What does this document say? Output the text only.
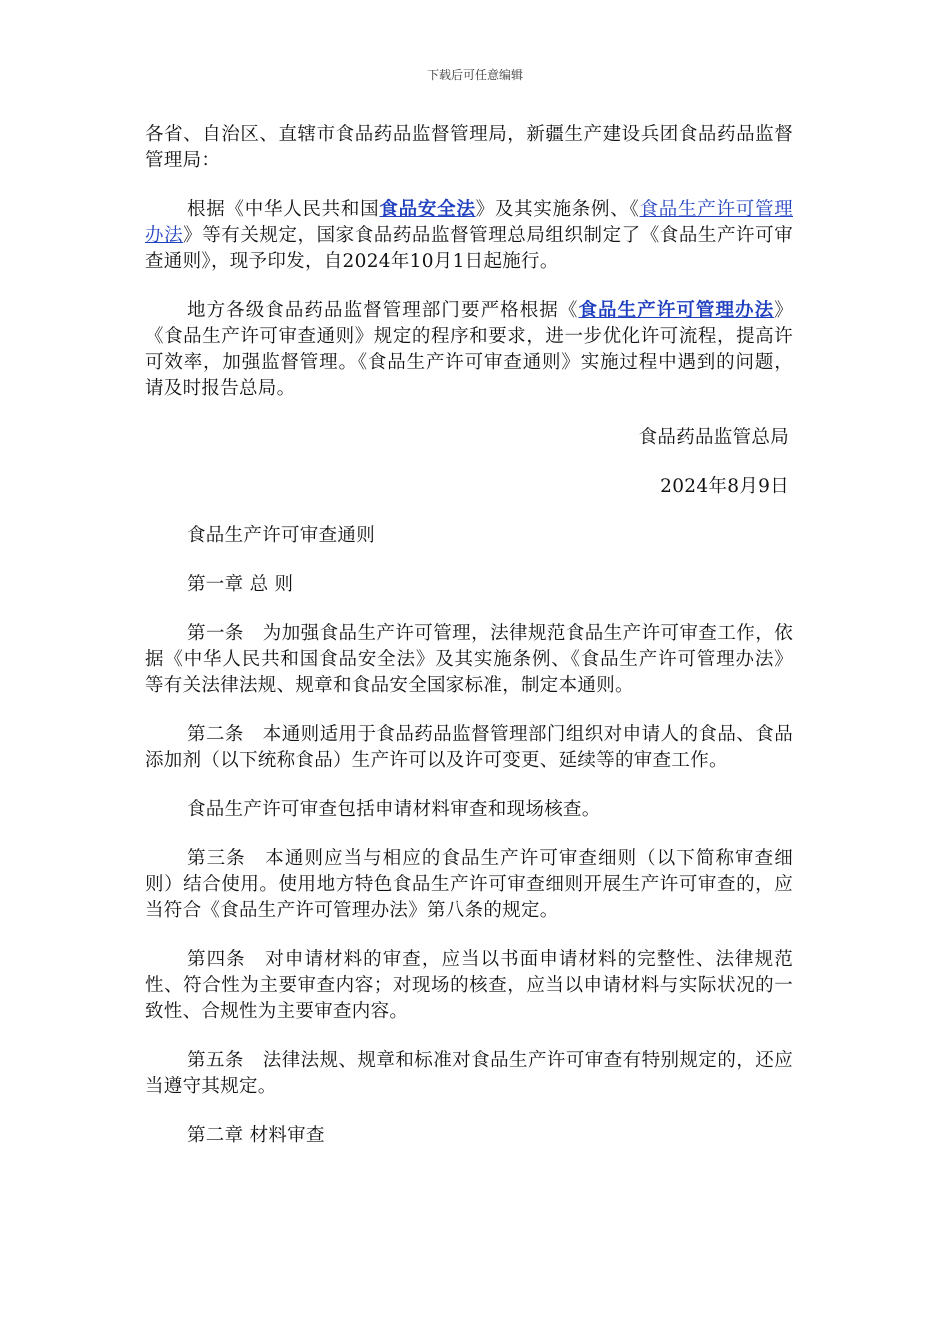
下载后可任意编辑

各省、自治区、直辖市食品药品监督管理局，新疆生产建设兵团食品药品监督管理局：

根据《中华人民共和国食品安全法》及其实施条例、《食品生产许可管理办法》等有关规定，国家食品药品监督管理总局组织制定了《食品生产许可审查通则》，现予印发，自2024年10月1日起施行。

地方各级食品药品监督管理部门要严格根据《食品生产许可管理办法》《食品生产许可审查通则》规定的程序和要求，进一步优化许可流程，提高许可效率，加强监督管理。《食品生产许可审查通则》实施过程中遇到的问题，请及时报告总局。

食品药品监管总局

2024年8月9日

食品生产许可审查通则

第一章 总 则

第一条　为加强食品生产许可管理，法律规范食品生产许可审查工作，依据《中华人民共和国食品安全法》及其实施条例、《食品生产许可管理办法》等有关法律法规、规章和食品安全国家标准，制定本通则。

第二条　本通则适用于食品药品监督管理部门组织对申请人的食品、食品添加剂（以下统称食品）生产许可以及许可变更、延续等的审查工作。

食品生产许可审查包括申请材料审查和现场核查。

第三条　本通则应当与相应的食品生产许可审查细则（以下简称审查细则）结合使用。使用地方特色食品生产许可审查细则开展生产许可审查的，应当符合《食品生产许可管理办法》第八条的规定。

第四条　对申请材料的审查，应当以书面申请材料的完整性、法律规范性、符合性为主要审查内容；对现场的核查，应当以申请材料与实际状况的一致性、合规性为主要审查内容。

第五条　法律法规、规章和标准对食品生产许可审查有特别规定的，还应当遵守其规定。

第二章 材料审查
